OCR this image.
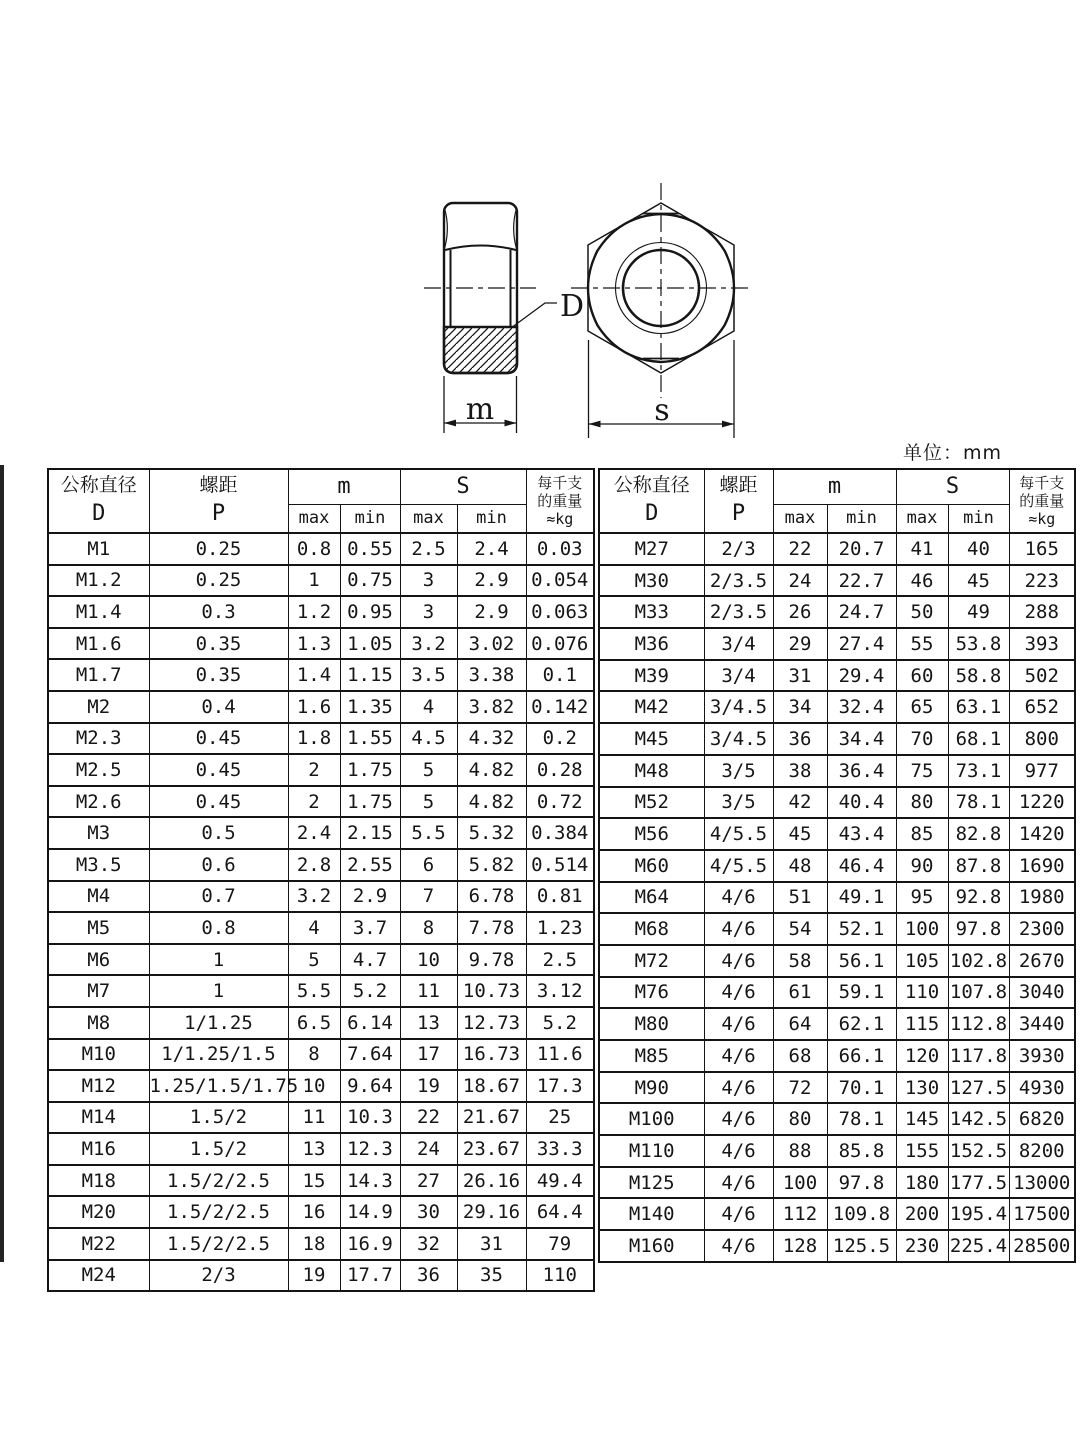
D
m	s
单位：mm
公称直径
D	螺距
P	m		S		每千支
的重量
≈kg
		max	min	max	min	
M1	0.25	0.8	0.55	2.5	2.4	0.03
M1.2	0.25	1	0.75	3	2.9	0.054
M1.4	0.3	1.2	0.95	3	2.9	0.063
M1.6	0.35	1.3	1.05	3.2	3.02	0.076
M1.7	0.35	1.4	1.15	3.5	3.38	0.1
M2	0.4	1.6	1.35	4	3.82	0.142
M2.3	0.45	1.8	1.55	4.5	4.32	0.2
M2.5	0.45	2	1.75	5	4.82	0.28
M2.6	0.45	2	1.75	5	4.82	0.72
M3	0.5	2.4	2.15	5.5	5.32	0.384
M3.5	0.6	2.8	2.55	6	5.82	0.514
M4	0.7	3.2	2.9	7	6.78	0.81
M5	0.8	4	3.7	8	7.78	1.23
M6	1	5	4.7	10	9.78	2.5
M7	1	5.5	5.2	11	10.73	3.12
M8	1/1.25	6.5	6.14	13	12.73	5.2
M10	1/1.25/1.5	8	7.64	17	16.73	11.6
M12	1.25/1.5/1.75	10	9.64	19	18.67	17.3
M14	1.5/2	11	10.3	22	21.67	25
M16	1.5/2	13	12.3	24	23.67	33.3
M18	1.5/2/2.5	15	14.3	27	26.16	49.4
M20	1.5/2/2.5	16	14.9	30	29.16	64.4
M22	1.5/2/2.5	18	16.9	32	31	79
M24	2/3	19	17.7	36	35	110
公称直径
D	螺距
P	m		S		每千支
的重量
≈kg
		max	min	max	min	
M27	2/3	22	20.7	41	40	165
M30	2/3.5	24	22.7	46	45	223
M33	2/3.5	26	24.7	50	49	288
M36	3/4	29	27.4	55	53.8	393
M39	3/4	31	29.4	60	58.8	502
M42	3/4.5	34	32.4	65	63.1	652
M45	3/4.5	36	34.4	70	68.1	800
M48	3/5	38	36.4	75	73.1	977
M52	3/5	42	40.4	80	78.1	1220
M56	4/5.5	45	43.4	85	82.8	1420
M60	4/5.5	48	46.4	90	87.8	1690
M64	4/6	51	49.1	95	92.8	1980
M68	4/6	54	52.1	100	97.8	2300
M72	4/6	58	56.1	105	102.8	2670
M76	4/6	61	59.1	110	107.8	3040
M80	4/6	64	62.1	115	112.8	3440
M85	4/6	68	66.1	120	117.8	3930
M90	4/6	72	70.1	130	127.5	4930
M100	4/6	80	78.1	145	142.5	6820
M110	4/6	88	85.8	155	152.5	8200
M125	4/6	100	97.8	180	177.5	13000
M140	4/6	112	109.8	200	195.4	17500
M160	4/6	128	125.5	230	225.4	28500
